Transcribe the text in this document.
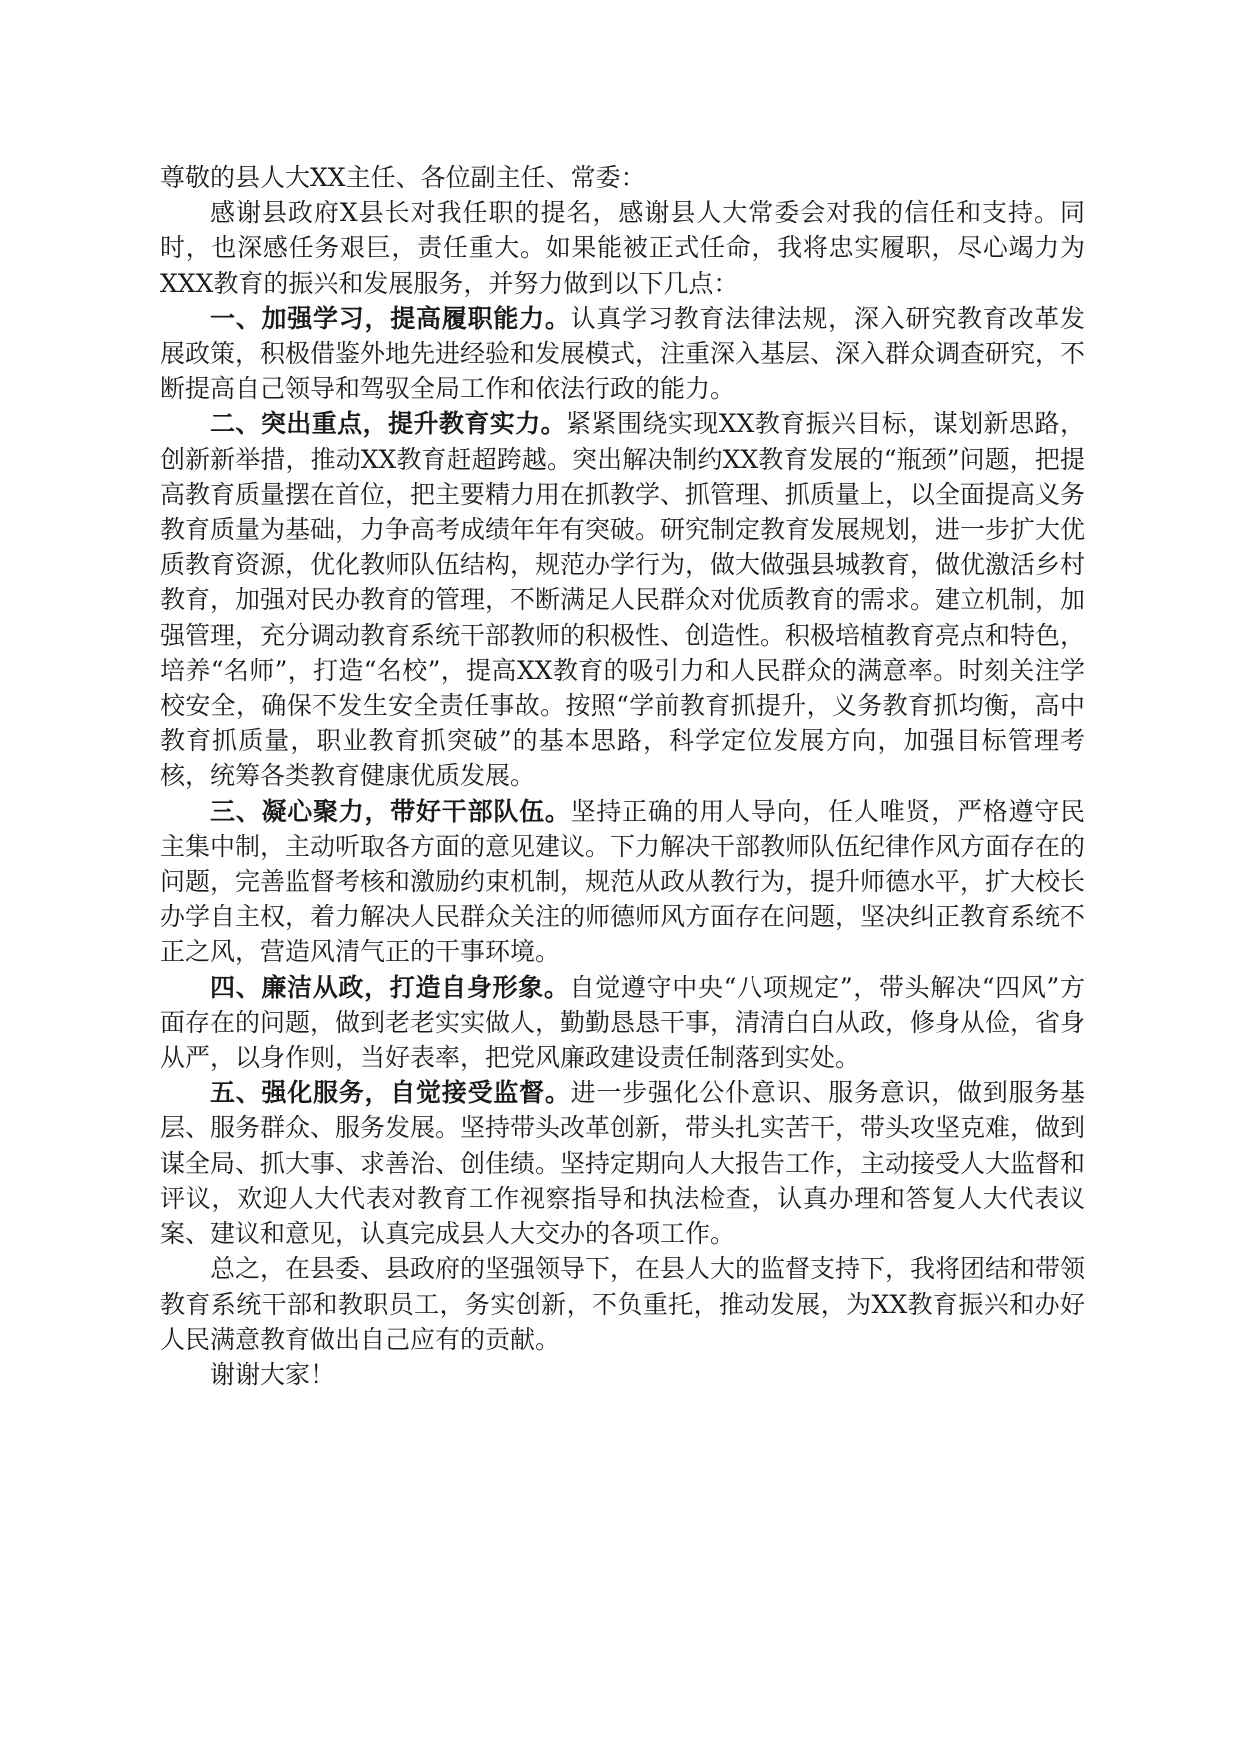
尊敬的县人大XX主任、各位副主任、常委：

感谢县政府X县长对我任职的提名，感谢县人大常委会对我的信任和支持。同时，也深感任务艰巨，责任重大。如果能被正式任命，我将忠实履职，尽心竭力为XXX教育的振兴和发展服务，并努力做到以下几点：

一、加强学习，提高履职能力。认真学习教育法律法规，深入研究教育改革发展政策，积极借鉴外地先进经验和发展模式，注重深入基层、深入群众调查研究，不断提高自己领导和驾驭全局工作和依法行政的能力。

二、突出重点，提升教育实力。紧紧围绕实现XX教育振兴目标，谋划新思路，创新新举措，推动XX教育赶超跨越。突出解决制约XX教育发展的“瓶颈”问题，把提高教育质量摆在首位，把主要精力用在抓教学、抓管理、抓质量上，以全面提高义务教育质量为基础，力争高考成绩年年有突破。研究制定教育发展规划，进一步扩大优质教育资源，优化教师队伍结构，规范办学行为，做大做强县城教育，做优激活乡村教育，加强对民办教育的管理，不断满足人民群众对优质教育的需求。建立机制，加强管理，充分调动教育系统干部教师的积极性、创造性。积极培植教育亮点和特色，培养“名师”，打造“名校”，提高XX教育的吸引力和人民群众的满意率。时刻关注学校安全，确保不发生安全责任事故。按照“学前教育抓提升，义务教育抓均衡，高中教育抓质量，职业教育抓突破”的基本思路，科学定位发展方向，加强目标管理考核，统筹各类教育健康优质发展。

三、凝心聚力，带好干部队伍。坚持正确的用人导向，任人唯贤，严格遵守民主集中制，主动听取各方面的意见建议。下力解决干部教师队伍纪律作风方面存在的问题，完善监督考核和激励约束机制，规范从政从教行为，提升师德水平，扩大校长办学自主权，着力解决人民群众关注的师德师风方面存在问题，坚决纠正教育系统不正之风，营造风清气正的干事环境。

四、廉洁从政，打造自身形象。自觉遵守中央“八项规定”，带头解决“四风”方面存在的问题，做到老老实实做人，勤勤恳恳干事，清清白白从政，修身从俭，省身从严，以身作则，当好表率，把党风廉政建设责任制落到实处。

五、强化服务，自觉接受监督。进一步强化公仆意识、服务意识，做到服务基层、服务群众、服务发展。坚持带头改革创新，带头扎实苦干，带头攻坚克难，做到谋全局、抓大事、求善治、创佳绩。坚持定期向人大报告工作，主动接受人大监督和评议，欢迎人大代表对教育工作视察指导和执法检查，认真办理和答复人大代表议案、建议和意见，认真完成县人大交办的各项工作。

总之，在县委、县政府的坚强领导下，在县人大的监督支持下，我将团结和带领教育系统干部和教职员工，务实创新，不负重托，推动发展，为XX教育振兴和办好人民满意教育做出自己应有的贡献。

谢谢大家！
